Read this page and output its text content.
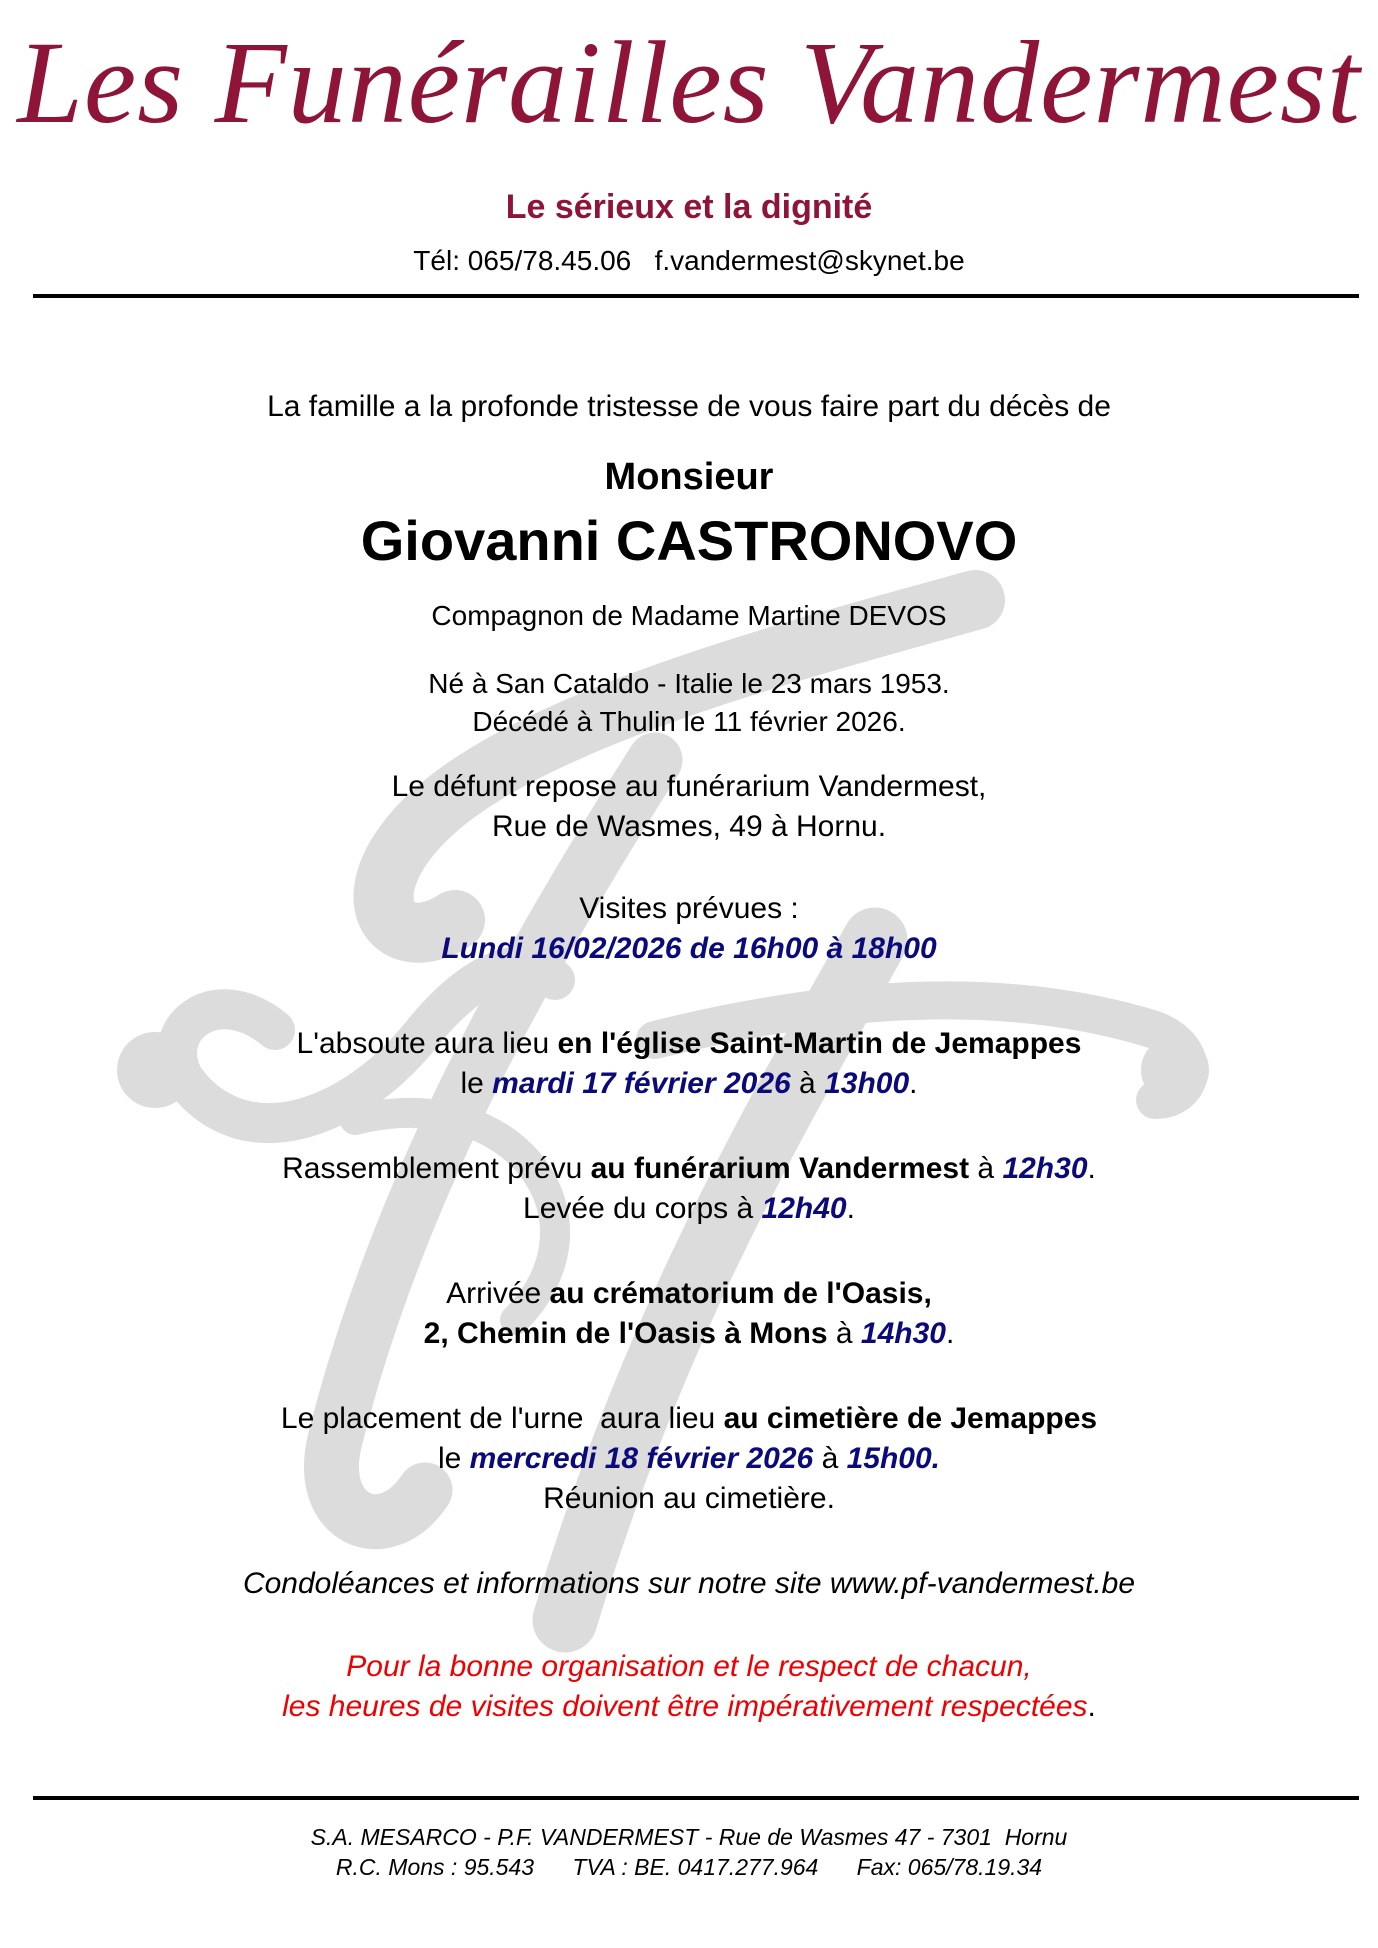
Les Funérailles Vandermest
Le sérieux et la dignité
Tél: 065/78.45.06   f.vandermest@skynet.be
La famille a la profonde tristesse de vous faire part du décès de
Monsieur
Giovanni CASTRONOVO
Compagnon de Madame Martine DEVOS
Né à San Cataldo - Italie le 23 mars 1953.
Décédé à Thulin le 11 février 2026.
Le défunt repose au funérarium Vandermest,
Rue de Wasmes, 49 à Hornu.
Visites prévues :
Lundi 16/02/2026 de 16h00 à 18h00
L'absoute aura lieu en l'église Saint-Martin de Jemappes
le mardi 17 février 2026 à 13h00.
Rassemblement prévu au funérarium Vandermest à 12h30.
Levée du corps à 12h40.
Arrivée au crématorium de l'Oasis,
2, Chemin de l'Oasis à Mons à 14h30.
Le placement de l'urne  aura lieu au cimetière de Jemappes
le mercredi 18 février 2026 à 15h00.
Réunion au cimetière.
Condoléances et informations sur notre site www.pf-vandermest.be
Pour la bonne organisation et le respect de chacun,
les heures de visites doivent être impérativement respectées.
S.A. MESARCO - P.F. VANDERMEST - Rue de Wasmes 47 - 7301  Hornu
R.C. Mons : 95.543      TVA : BE. 0417.277.964      Fax: 065/78.19.34
